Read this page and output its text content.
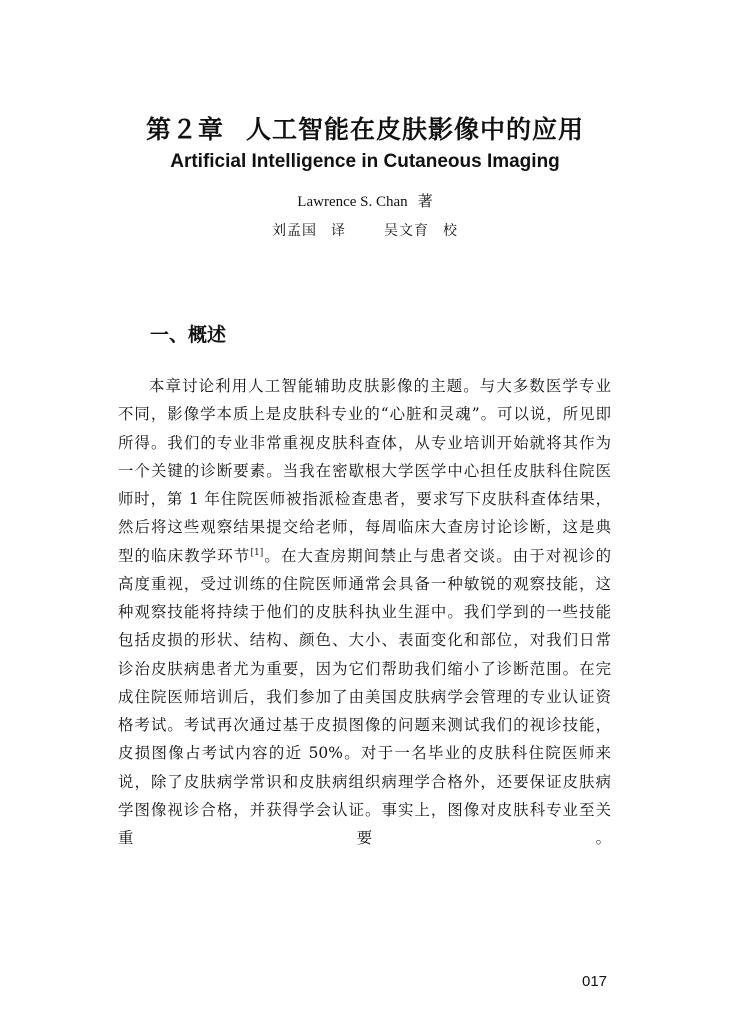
第２章 人工智能在皮肤影像中的应用
Artificial Intelligence in Cutaneous Imaging
Lawrence S. Chan 著
刘孟国 译	吴文育 校
一、概述
本章讨论利用人工智能辅助皮肤影像的主题。与大多数医学专业
不同，影像学本质上是皮肤科专业的“心脏和灵魂”。可以说，所见即
所得。我们的专业非常重视皮肤科查体，从专业培训开始就将其作为
一个关键的诊断要素。当我在密歇根大学医学中心担任皮肤科住院医
师时，第 1 年住院医师被指派检查患者，要求写下皮肤科查体结果，
然后将这些观察结果提交给老师，每周临床大查房讨论诊断，这是典
型的临床教学环节[1]。在大查房期间禁止与患者交谈。由于对视诊的
高度重视，受过训练的住院医师通常会具备一种敏锐的观察技能，这
种观察技能将持续于他们的皮肤科执业生涯中。我们学到的一些技能
包括皮损的形状、结构、颜色、大小、表面变化和部位，对我们日常
诊治皮肤病患者尤为重要，因为它们帮助我们缩小了诊断范围。在完
成住院医师培训后，我们参加了由美国皮肤病学会管理的专业认证资
格考试。考试再次通过基于皮损图像的问题来测试我们的视诊技能，
皮损图像占考试内容的近 50%。对于一名毕业的皮肤科住院医师来
说，除了皮肤病学常识和皮肤病组织病理学合格外，还要保证皮肤病
学图像视诊合格，并获得学会认证。事实上，图像对皮肤科专业至关
重要。
017
